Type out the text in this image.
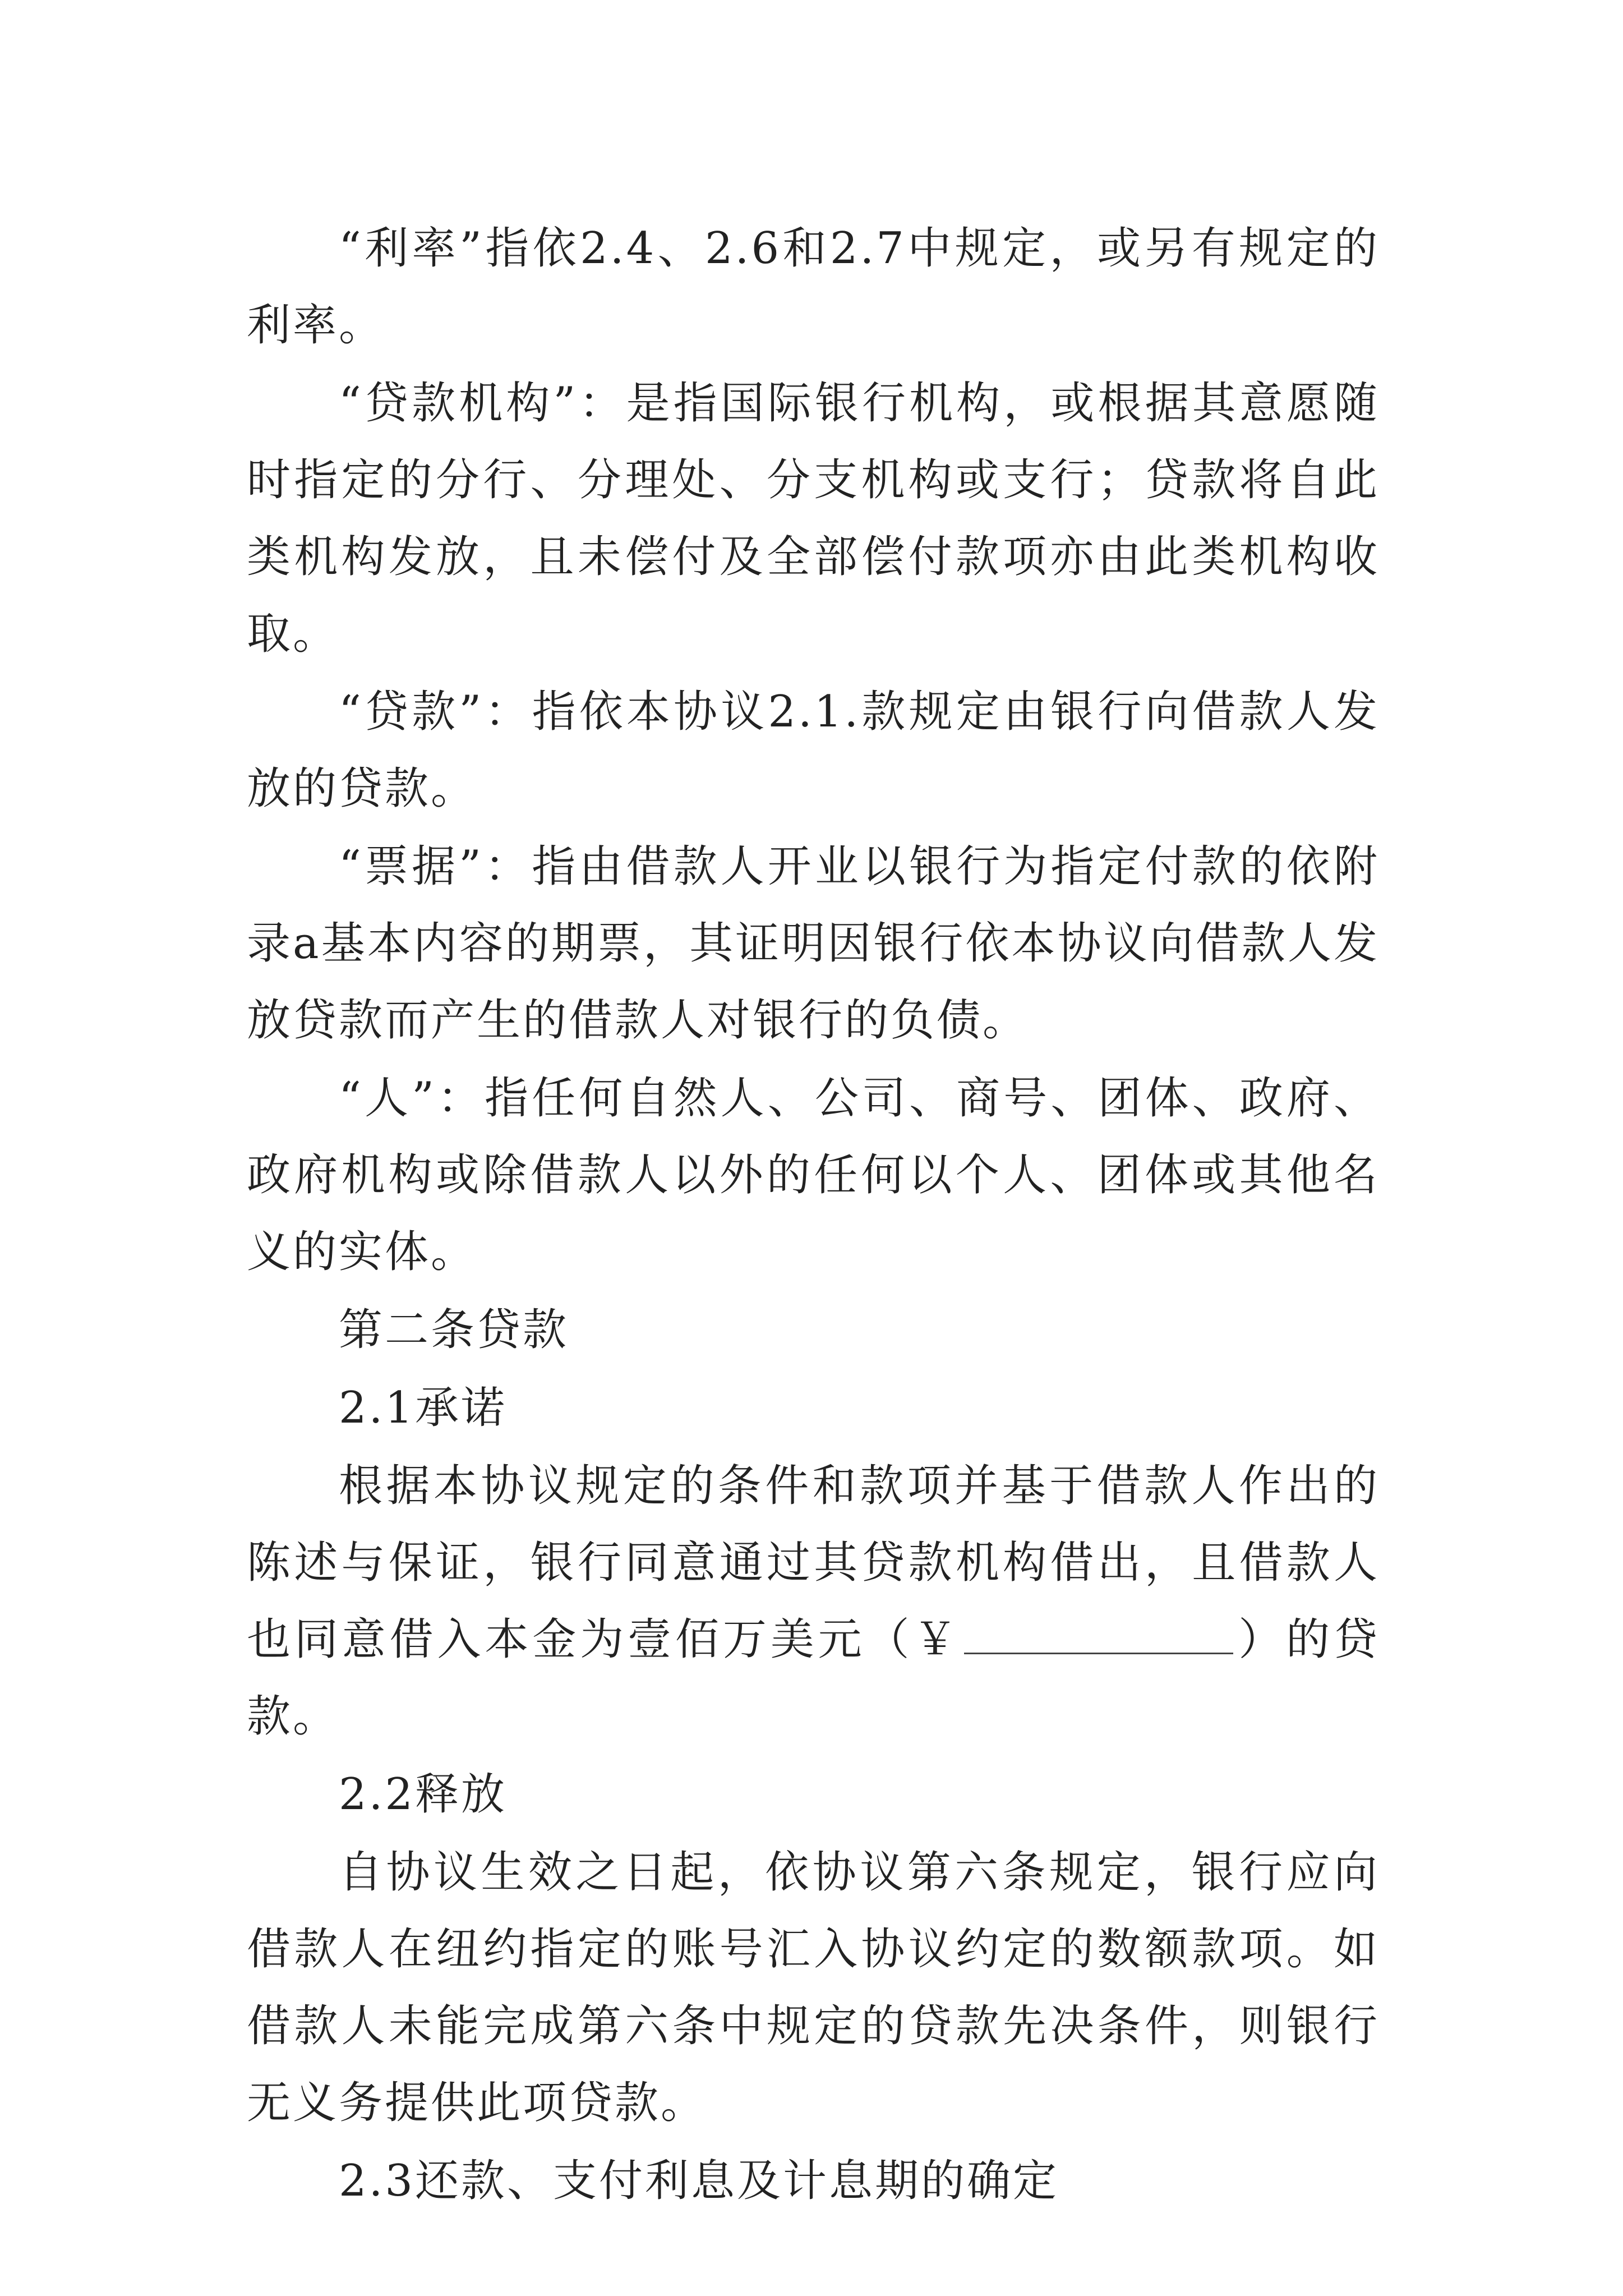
“利率”指依2.4、2.6和2.7中规定，或另有规定的利率。

“贷款机构”：是指国际银行机构，或根据其意愿随时指定的分行、分理处、分支机构或支行；贷款将自此类机构发放，且未偿付及全部偿付款项亦由此类机构收取。

“贷款”：指依本协议2.1.款规定由银行向借款人发放的贷款。

“票据”：指由借款人开业以银行为指定付款的依附录a基本内容的期票，其证明因银行依本协议向借款人发放贷款而产生的借款人对银行的负债。

“人”：指任何自然人、公司、商号、团体、政府、政府机构或除借款人以外的任何以个人、团体或其他名义的实体。

第二条贷款

2.1承诺

根据本协议规定的条件和款项并基于借款人作出的陈述与保证，银行同意通过其贷款机构借出，且借款人也同意借入本金为壹佰万美元（￥	）的贷款。

2.2释放

自协议生效之日起，依协议第六条规定，银行应向借款人在纽约指定的账号汇入协议约定的数额款项。如借款人未能完成第六条中规定的贷款先决条件，则银行无义务提供此项贷款。

2.3还款、支付利息及计息期的确定
